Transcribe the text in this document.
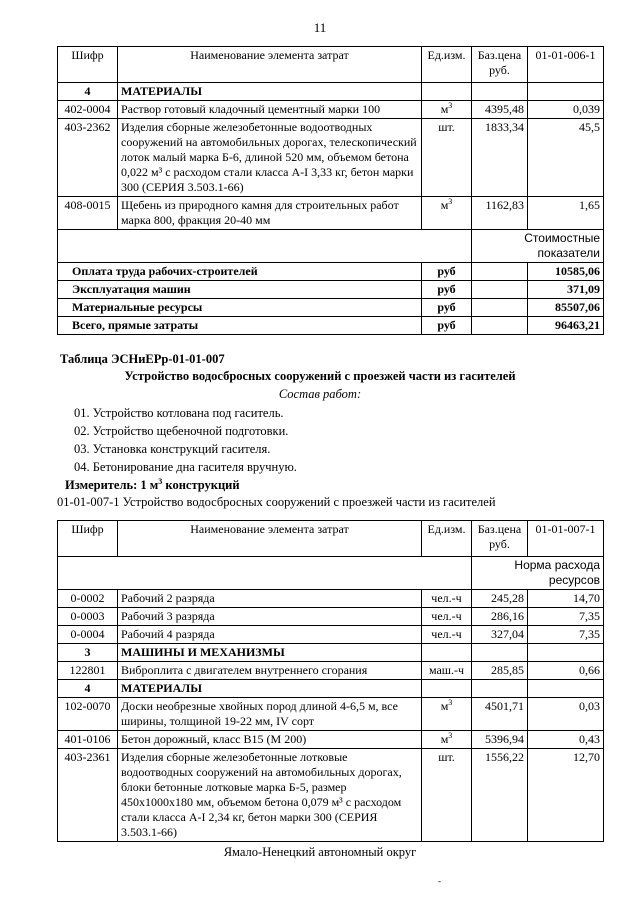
11
Шифр	Наименование элемента затрат	Ед.изм.	Баз.цена руб.	01-01-006-1
4	МАТЕРИАЛЫ			
402-0004	Раствор готовый кладочный цементный марки 100	$м^3$	4395,48	0,039
403-2362	Изделия сборные железобетонные водоотводных сооружений на автомобильных дорогах, телескопический лоток малый марка Б-6, длиной 520 мм, объемом бетона 0,022 м³ с расходом стали класса А-I 3,33 кг, бетон марки 300 (СЕРИЯ 3.503.1-66)	шт.	1833,34	45,5
408-0015	Щебень из природного камня для строительных работ марка 800, фракция 20-40 мм	$м^3$	1162,83	1,65
			Стоимостные показатели	
Оплата труда рабочих-строителей		руб		10585,06
Эксплуатация машин		руб		371,09
Материальные ресурсы		руб		85507,06
Всего, прямые затраты		руб		96463,21
Таблица ЭСНиЕРр-01-01-007
Устройство водосбросных сооружений с проезжей части из гасителей
Состав работ:
01. Устройство котлована под гаситель.
02. Устройство щебеночной подготовки.
03. Установка конструкций гасителя.
04. Бетонирование дна гасителя вручную.
Измеритель: 1 $м^3$ конструкций
01-01-007-1 Устройство водосбросных сооружений с проезжей части из гасителей
Шифр	Наименование элемента затрат	Ед.изм.	Баз.цена руб.	01-01-007-1
			Норма расхода ресурсов	
0-0002	Рабочий 2 разряда	чел.-ч	245,28	14,70
0-0003	Рабочий 3 разряда	чел.-ч	286,16	7,35
0-0004	Рабочий 4 разряда	чел.-ч	327,04	7,35
3	МАШИНЫ И МЕХАНИЗМЫ			
122801	Виброплита с двигателем внутреннего сгорания	маш.-ч	285,85	0,66
4	МАТЕРИАЛЫ			
102-0070	Доски необрезные хвойных пород длиной 4-6,5 м, все ширины, толщиной 19-22 мм, IV сорт	$м^3$	4501,71	0,03
401-0106	Бетон дорожный, класс В15 (М 200)	$м^3$	5396,94	0,43
403-2361	Изделия сборные железобетонные лотковые водоотводных сооружений на автомобильных дорогах, блоки бетонные лотковые марка Б-5, размер 450х1000х180 мм, объемом бетона 0,079 м³ с расходом стали класса А-I 2,34 кг, бетон марки 300 (СЕРИЯ 3.503.1-66)	шт.	1556,22	12,70
Ямало-Ненецкий автономный округ
-
